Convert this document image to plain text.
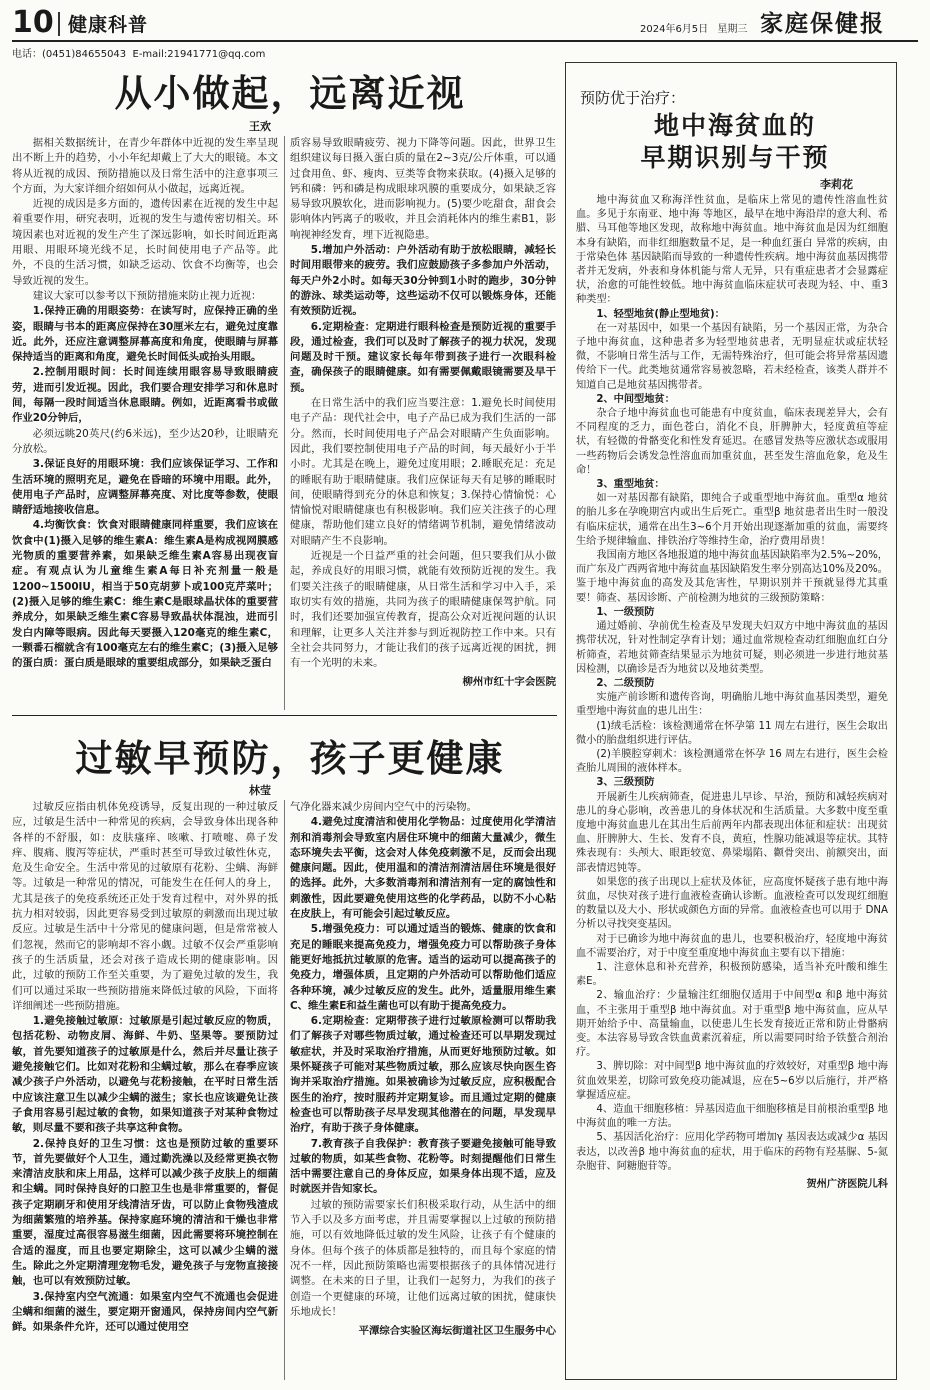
10 健康科普	2024年6月5日 星期三 家庭保健报
电话：(0451)84655043  E-mail:21941771@qq.com
从小做起，远离近视
王欢

据相关数据统计，在青少年群体中近视的发生率呈现出不断上升的趋势，小小年纪却戴上了大大的眼镜。本文将从近视的成因、预防措施以及日常生活中的注意事项三个方面，为大家详细介绍如何从小做起，远离近视。

近视的成因是多方面的，遗传因素在近视的发生中起着重要作用，研究表明，近视的发生与遗传密切相关。环境因素也对近视的发生产生了深远影响，如长时间近距离用眼、用眼环境光线不足，长时间使用电子产品等。此外，不良的生活习惯，如缺乏运动、饮食不均衡等，也会导致近视的发生。

建议大家可以参考以下预防措施来防止视力近视：

1.保持正确的用眼姿势：在读写时，应保持正确的坐姿，眼睛与书本的距离应保持在30厘米左右，避免过度靠近。此外，还应注意调整屏幕高度和角度，使眼睛与屏幕保持适当的距离和角度，避免长时间低头或抬头用眼。

2.控制用眼时间：长时间连续用眼容易导致眼睛疲劳，进而引发近视。因此，我们要合理安排学习和休息时间，每隔一段时间适当休息眼睛。例如，近距离看书或做作业20分钟后，

必须远眺20英尺(约6米远)，至少达20秒，让眼睛充分放松。

3.保证良好的用眼环境：我们应该保证学习、工作和生活环境的照明充足，避免在昏暗的环境中用眼。此外，使用电子产品时，应调整屏幕亮度、对比度等参数，使眼睛舒适地接收信息。

4.均衡饮食：饮食对眼睛健康同样重要，我们应该在饮食中(1)摄入足够的维生素A：维生素A是构成视网膜感光物质的重要营养素，如果缺乏维生素A容易出现夜盲症。有观点认为儿童维生素A每日补充剂量一般是1200~1500IU，相当于50克胡萝卜或100克芹菜叶；(2)摄入足够的维生素C：维生素C是眼球晶状体的重要营养成分，如果缺乏维生素C容易导致晶状体混浊，进而引发白内障等眼病。因此每天要摄入120毫克的维生素C，一颗番石榴就含有100毫克左右的维生素C；(3)摄入足够的蛋白质：蛋白质是眼球的重要组成部分，如果缺乏蛋白

质容易导致眼睛疲劳、视力下降等问题。因此，世界卫生组织建议每日摄入蛋白质的量在2~3克/公斤体重，可以通过食用鱼、虾、瘦肉、豆类等食物来获取。(4)摄入足够的钙和磷：钙和磷是构成眼球巩膜的重要成分，如果缺乏容易导致巩膜软化，进而影响视力。(5)要少吃甜食，甜食会影响体内钙离子的吸收，并且会消耗体内的维生素B1，影响视神经发育，埋下近视隐患。

5.增加户外活动：户外活动有助于放松眼睛，减轻长时间用眼带来的疲劳。我们应鼓励孩子多参加户外活动，每天户外2小时。如每天30分钟到1小时的跑步，30分钟的游泳、球类运动等，这些运动不仅可以锻炼身体，还能有效预防近视。

6.定期检查：定期进行眼科检查是预防近视的重要手段，通过检查，我们可以及时了解孩子的视力状况，发现问题及时干预。建议家长每年带到孩子进行一次眼科检查，确保孩子的眼睛健康。如有需要佩戴眼镜需要及早干预。

在日常生活中的我们应当要注意：1.避免长时间使用电子产品：现代社会中，电子产品已成为我们生活的一部分。然而，长时间使用电子产品会对眼睛产生负面影响。因此，我们要控制使用电子产品的时间，每天最好小于半小时。尤其是在晚上，避免过度用眼；2.睡眠充足：充足的睡眠有助于眼睛健康。我们应保证每天有足够的睡眠时间，使眼睛得到充分的休息和恢复；3.保持心情愉悦：心情愉悦对眼睛健康也有积极影响。我们应关注孩子的心理健康，帮助他们建立良好的情绪调节机制，避免情绪波动对眼睛产生不良影响。

近视是一个日益严重的社会问题，但只要我们从小做起，养成良好的用眼习惯，就能有效预防近视的发生。我们要关注孩子的眼睛健康，从日常生活和学习中入手，采取切实有效的措施，共同为孩子的眼睛健康保驾护航。同时，我们还要加强宣传教育，提高公众对近视问题的认识和理解，让更多人关注并参与到近视防控工作中来。只有全社会共同努力，才能让我们的孩子远离近视的困扰，拥有一个光明的未来。

柳州市红十字会医院

过敏早预防，孩子更健康
林莹

过敏反应指由机体免疫诱导，反复出现的一种过敏反应，过敏是生活中一种常见的疾病，会导致身体出现各种各样的不舒服，如：皮肤瘙痒、咳嗽、打喷嚏、鼻子发痒、腹痛、腹泻等症状，严重时甚至可导致过敏性休克，危及生命安全。生活中常见的过敏原有花粉、尘螨、海鲜等。过敏是一种常见的情况，可能发生在任何人的身上，尤其是孩子的免疫系统还正处于发育过程中，对外界的抵抗力相对较弱，因此更容易受到过敏原的刺激而出现过敏反应。过敏是生活中十分常见的健康问题，但是常常被人们忽视，然而它的影响却不容小觑。过敏不仅会严重影响孩子的生活质量，还会对孩子造成长期的健康影响。因此，过敏的预防工作至关重要，为了避免过敏的发生，我们可以通过采取一些预防措施来降低过敏的风险，下面将详细阐述一些预防措施。

1.避免接触过敏原：过敏原是引起过敏反应的物质，包括花粉、动物皮屑、海鲜、牛奶、坚果等。要预防过敏，首先要知道孩子的过敏原是什么，然后并尽量让孩子避免接触它们。比如对花粉和尘螨过敏，那么在春季应该减少孩子户外活动，以避免与花粉接触，在平时日常生活中应该注意卫生以减少尘螨的滋生；家长也应该避免让孩子食用容易引起过敏的食物，如果知道孩子对某种食物过敏，则尽量不要和孩子共享这种食物。

2.保持良好的卫生习惯：这也是预防过敏的重要环节，首先要做好个人卫生，通过勤洗澡以及经常更换衣物来清洁皮肤和床上用品，这样可以减少孩子皮肤上的细菌和尘螨。同时保持良好的口腔卫生也是非常重要的，督促孩子定期刷牙和使用牙线清洁牙齿，可以防止食物残渣成为细菌繁殖的培养基。保持家庭环境的清洁和干燥也非常重要，湿度过高很容易滋生细菌，因此需要将环境控制在合适的湿度，而且也要定期除尘，这可以减少尘螨的滋生。除此之外定期清理宠物毛发，避免孩子与宠物直接接触，也可以有效预防过敏。

3.保持室内空气流通：如果室内空气不流通也会促进尘螨和细菌的滋生，要定期开窗通风，保持房间内空气新鲜。如果条件允许，还可以通过使用空

气净化器来减少房间内空气中的污染物。

4.避免过度清洁和使用化学物品：过度使用化学清洁剂和消毒剂会导致室内居住环境中的细菌大量减少，微生态环境失去平衡，这会对人体免疫刺激不足，反而会出现健康问题。因此，使用温和的清洁剂清洁居住环境是很好的选择。此外，大多数消毒剂和清洁剂有一定的腐蚀性和刺激性，因此要避免使用这些的化学药品，以防不小心粘在皮肤上，有可能会引起过敏反应。

5.增强免疫力：可以通过适当的锻炼、健康的饮食和充足的睡眠来提高免疫力，增强免疫力可以帮助孩子身体能更好地抵抗过敏原的危害。适当的运动可以提高孩子的免疫力，增强体质，且定期的户外活动可以帮助他们适应各种环境，减少过敏反应的发生。此外，适量服用维生素C、维生素E和益生菌也可以有助于提高免疫力。

6.定期检查：定期带孩子进行过敏原检测可以帮助我们了解孩子对哪些物质过敏，通过检查还可以早期发现过敏症状，并及时采取治疗措施，从而更好地预防过敏。如果怀疑孩子可能对某些物质过敏，那么应该尽快向医生咨询并采取治疗措施。如果被确诊为过敏反应，应积极配合医生的治疗，按时服药并定期复诊。而且通过定期的健康检查也可以帮助孩子尽早发现其他潜在的问题，早发现早治疗，有助于孩子身体健康。

7.教育孩子自我保护：教育孩子要避免接触可能导致过敏的物质，如某些食物、花粉等。时刻提醒他们日常生活中需要注意自己的身体反应，如果身体出现不适，应及时就医并告知家长。

过敏的预防需要家长们积极采取行动，从生活中的细节入手以及多方面考虑，并且需要掌握以上过敏的预防措施，可以有效地降低过敏的发生风险，让孩子有个健康的身体。但每个孩子的体质都是独特的，而且每个家庭的情况不一样，因此预防策略也需要根据孩子的具体情况进行调整。在未来的日子里，让我们一起努力，为我们的孩子创造一个更健康的环境，让他们远离过敏的困扰，健康快乐地成长！

平潭综合实验区海坛街道社区卫生服务中心

预防优于治疗：
地中海贫血的
早期识别与干预
李莉花

地中海贫血又称海洋性贫血，是临床上常见的遗传性溶血性贫血。多见于东南亚、地中海 等地区，最早在地中海沿岸的意大利、希腊、马耳他等地区发现，故称地中海贫血。地中海贫血是因为红细胞本身有缺陷，而非红细胞数量不足，是一种血红蛋白 异常的疾病，由于常染色体 基因缺陷而导致的一种遗传性疾病。地中海贫血基因携带者并无发病，外表和身体机能与常人无异，只有重症患者才会显露症状，治愈的可能性较低。地中海贫血临床症状可表现为轻、中、重3种类型：

1、轻型地贫(静止型地贫)：

在一对基因中，如果一个基因有缺陷，另一个基因正常，为杂合子地中海贫血，这种患者多为轻型地贫患者，无明显症状或症状轻微，不影响日常生活与工作，无需特殊治疗，但可能会将异常基因遗传给下一代。此类地贫通常容易被忽略，若未经检查，该类人群并不知道自己是地贫基因携带者。

2、中间型地贫：

杂合子地中海贫血也可能患有中度贫血，临床表现差异大，会有不同程度的乏力，面色苍白，消化不良，肝脾肿大，轻度黄疸等症状，有轻微的骨骼变化和性发育延迟。在感冒发热等应激状态或服用一些药物后会诱发急性溶血而加重贫血，甚至发生溶血危象，危及生命！

3、重型地贫：

如一对基因都有缺陷，即纯合子或重型地中海贫血。重型α 地贫的胎儿多在孕晚期宫内或出生后死亡。重型β 地贫患者出生时一般没有临床症状，通常在出生3~6个月开始出现逐渐加重的贫血，需要终生给予规律输血、排铁治疗等维持生命，治疗费用昂贵！

我国南方地区各地报道的地中海贫血基因缺陷率为2.5%~20%，而广东及广西两省地中海贫血基因缺陷发生率分别高达10%及20%。鉴于地中海贫血的高发及其危害性，早期识别并干预就显得尤其重要！筛查、基因诊断、产前检测为地贫的三级预防策略：

1、一级预防

通过婚前、孕前优生检查及早发现夫妇双方中地中海贫血的基因携带状况，针对性制定孕育计划；通过血常规检查动红细胞血红白分析筛查，若地贫筛查结果显示为地贫可疑，则必须进一步进行地贫基因检测，以确诊是否为地贫以及地贫类型。

2、二级预防

实施产前诊断和遗传咨询，明确胎儿地中海贫血基因类型，避免重型地中海贫血的患儿出生：

(1)绒毛活检：该检测通常在怀孕第 11 周左右进行，医生会取出微小的胎盘组织进行评估。

(2)羊膜腔穿刺术：该检测通常在怀孕 16 周左右进行，医生会检查胎儿周围的液体样本。

3、三级预防

开展新生儿疾病筛查，促进患儿早诊、早治，预防和减轻疾病对患儿的身心影响，改善患儿的身体状况和生活质量。大多数中度至重度地中海贫血患儿在其出生后前两年内都表现出体征和症状：出现贫血、肝脾肿大、生长、发育不良，黄疸，性腺功能减退等症状。其特殊表现有：头颅大、眼距较宽、鼻梁塌陷、颧骨突出、前额突出，面部表情迟钝等。

如果您的孩子出现以上症状及体征，应高度怀疑孩子患有地中海贫血，尽快对孩子进行血液检查确认诊断。血液检查可以发现红细胞的数量以及大小、形状或颜色方面的异常。血液检查也可以用于 DNA 分析以寻找突变基因。

对于已确诊为地中海贫血的患儿，也要积极治疗，轻度地中海贫血不需要治疗，对于中度至重度地中海贫血主要有以下措施：

1、注意休息和补充营养，积极预防感染，适当补充叶酸和维生素E。

2、输血治疗：少量输注红细胞仅适用于中间型α 和β 地中海贫血，不主张用于重型β 地中海贫血。对于重型β 地中海贫血，应从早期开始给予中、高量输血，以使患儿生长发育接近正常和防止骨骼病变。本法容易导致含铁血黄素沉着症，所以需要同时给予铁螯合剂治疗。

3、脾切除：对中间型β 地中海贫血的疗效较好，对重型β 地中海贫血效果差，切除可致免疫功能减退，应在5~6岁以后施行，并严格掌握适应症。

4、造血干细胞移植：异基因造血干细胞移植是目前根治重型β 地中海贫血的唯一方法。

5、基因活化治疗：应用化学药物可增加γ 基因表达或减少α 基因表达，以改善β 地中海贫血的症状，用于临床的药物有羟基脲、5-氮杂胞苷、阿糖胞苷等。

贺州广济医院儿科
